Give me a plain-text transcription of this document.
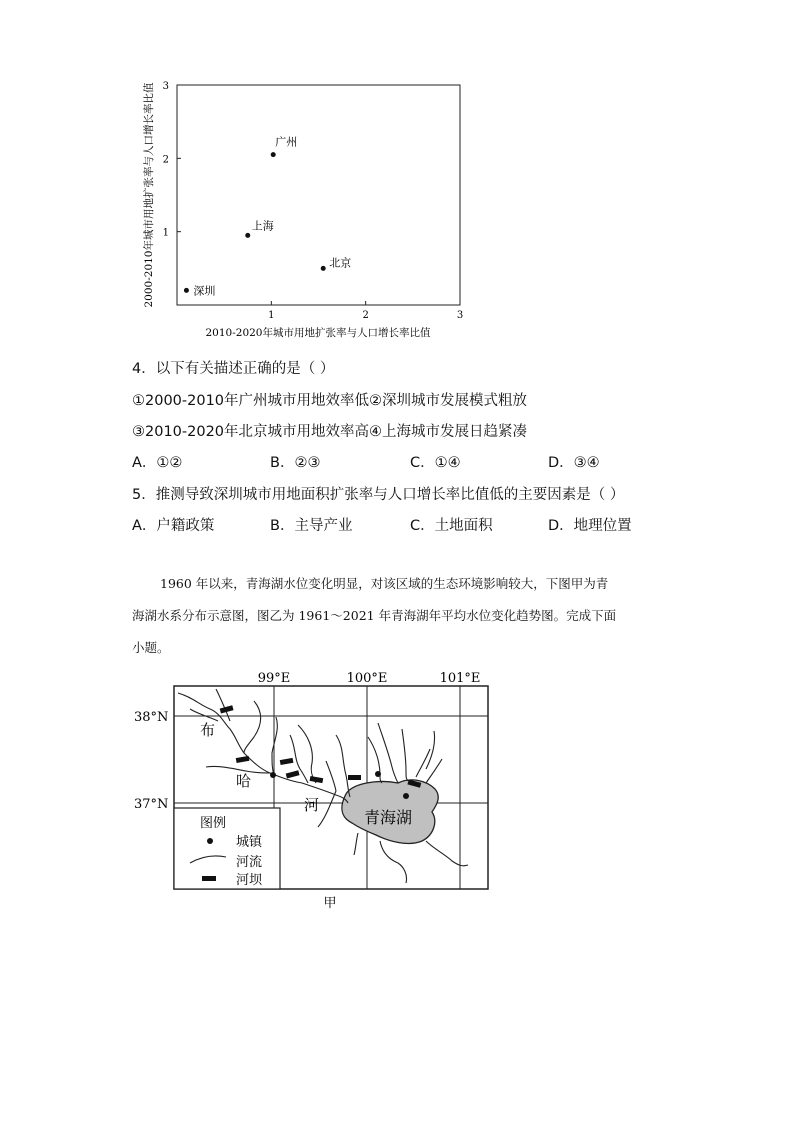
1	2	3
1
2
3
广州
上海
北京
深圳
2000-2010年城市用地扩张率与人口增长率比值
2010-2020年城市用地扩张率与人口增长率比值
4．以下有关描述正确的是（ ）
①2000-2010年广州城市用地效率低②深圳城市发展模式粗放
③2010-2020年北京城市用地效率高④上海城市发展日趋紧凑
A．①②	B．②③	C．①④	D．③④
5．推测导致深圳城市用地面积扩张率与人口增长率比值低的主要因素是（ ）
A．户籍政策	B．主导产业	C．土地面积	D．地理位置
1960 年以来，青海湖水位变化明显，对该区域的生态环境影响较大，下图甲为青
海湖水系分布示意图，图乙为 1961～2021 年青海湖年平均水位变化趋势图。完成下面
小题。
99°E	100°E	101°E
38°N
37°N
青海湖
布
哈
河
图例
城镇
河流
河坝
甲
